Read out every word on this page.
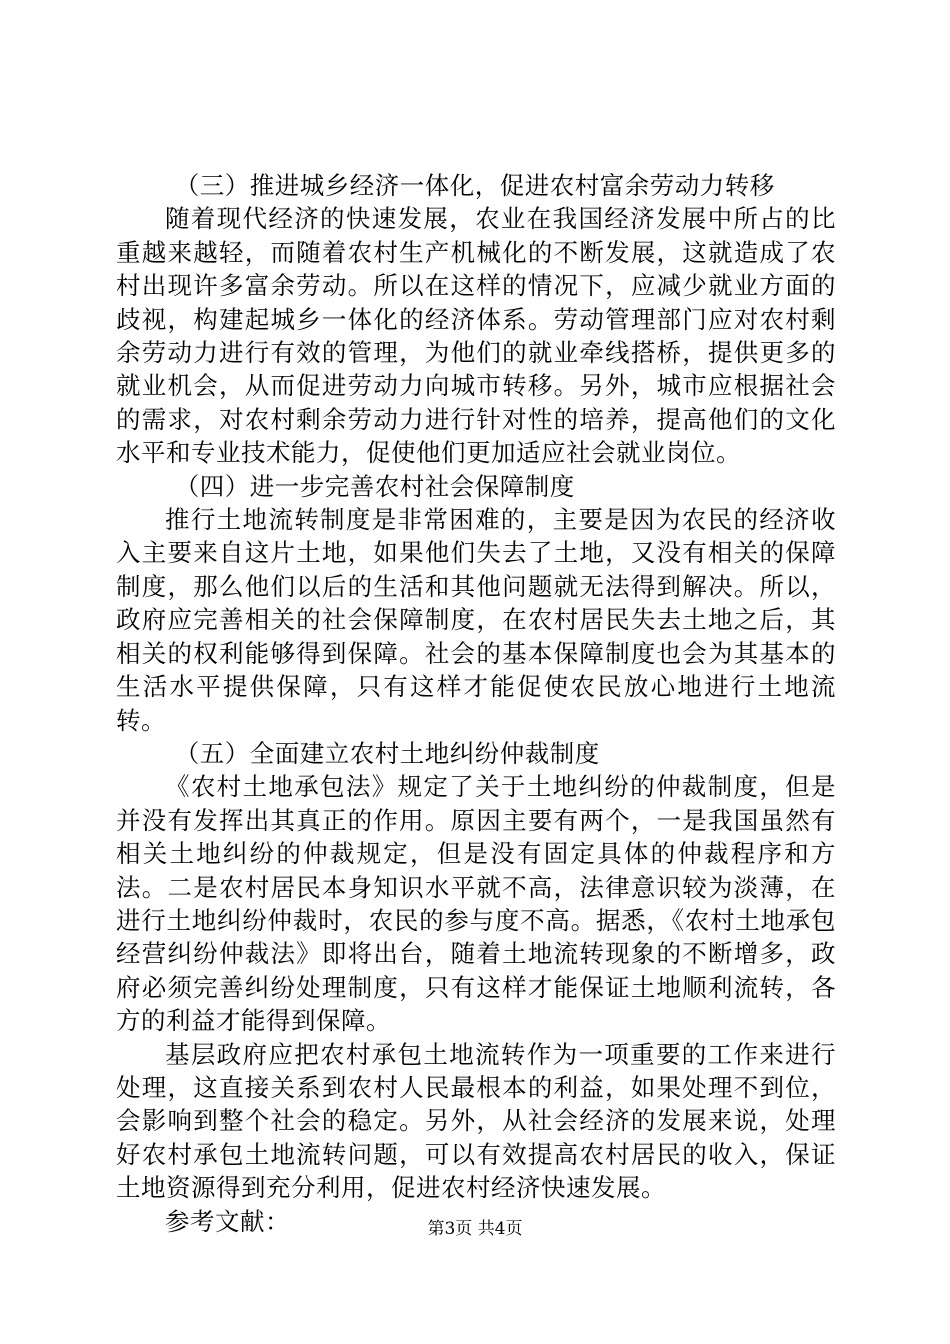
（三）推进城乡经济一体化，促进农村富余劳动力转移

随着现代经济的快速发展，农业在我国经济发展中所占的比重越来越轻，而随着农村生产机械化的不断发展，这就造成了农村出现许多富余劳动。所以在这样的情况下，应减少就业方面的歧视，构建起城乡一体化的经济体系。劳动管理部门应对农村剩余劳动力进行有效的管理，为他们的就业牵线搭桥，提供更多的就业机会，从而促进劳动力向城市转移。另外，城市应根据社会的需求，对农村剩余劳动力进行针对性的培养，提高他们的文化水平和专业技术能力，促使他们更加适应社会就业岗位。

（四）进一步完善农村社会保障制度

推行土地流转制度是非常困难的，主要是因为农民的经济收入主要来自这片土地，如果他们失去了土地，又没有相关的保障制度，那么他们以后的生活和其他问题就无法得到解决。所以，政府应完善相关的社会保障制度，在农村居民失去土地之后，其相关的权利能够得到保障。社会的基本保障制度也会为其基本的生活水平提供保障，只有这样才能促使农民放心地进行土地流转。

（五）全面建立农村土地纠纷仲裁制度

《农村土地承包法》规定了关于土地纠纷的仲裁制度，但是并没有发挥出其真正的作用。原因主要有两个，一是我国虽然有相关土地纠纷的仲裁规定，但是没有固定具体的仲裁程序和方法。二是农村居民本身知识水平就不高，法律意识较为淡薄，在进行土地纠纷仲裁时，农民的参与度不高。据悉，《农村土地承包经营纠纷仲裁法》即将出台，随着土地流转现象的不断增多，政府必须完善纠纷处理制度，只有这样才能保证土地顺利流转，各方的利益才能得到保障。

基层政府应把农村承包土地流转作为一项重要的工作来进行处理，这直接关系到农村人民最根本的利益，如果处理不到位，会影响到整个社会的稳定。另外，从社会经济的发展来说，处理好农村承包土地流转问题，可以有效提高农村居民的收入，保证土地资源得到充分利用，促进农村经济快速发展。

参考文献：	第3页 共4页
